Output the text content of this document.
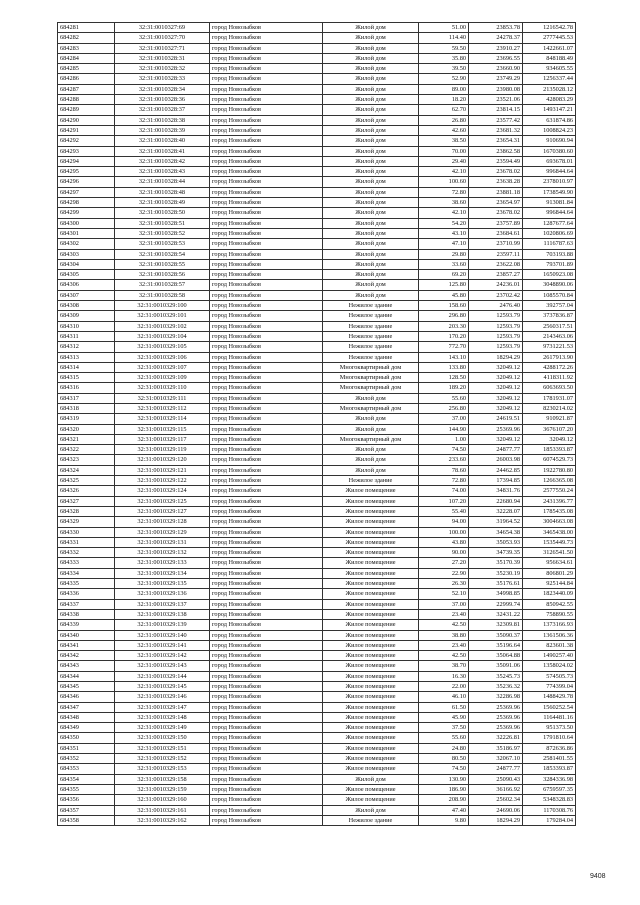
684281	32:31:0010327:69	город Новозыбков	Жилой дом	51.00	23853.78	1216542.78
684282	32:31:0010327:70	город Новозыбков	Жилой дом	114.40	24278.37	2777445.53
684283	32:31:0010327:71	город Новозыбков	Жилой дом	59.50	23910.27	1422661.07
684284	32:31:0010328:31	город Новозыбков	Жилой дом	35.80	23696.55	848188.49
684285	32:31:0010328:32	город Новозыбков	Жилой дом	39.50	23660.90	934605.55
684286	32:31:0010328:33	город Новозыбков	Жилой дом	52.90	23749.29	1256337.44
684287	32:31:0010328:34	город Новозыбков	Жилой дом	89.00	23980.08	2135028.12
684288	32:31:0010328:36	город Новозыбков	Жилой дом	18.20	23521.06	428083.29
684289	32:31:0010328:37	город Новозыбков	Жилой дом	62.70	23814.15	1493147.21
684290	32:31:0010328:38	город Новозыбков	Жилой дом	26.80	23577.42	631874.86
684291	32:31:0010328:39	город Новозыбков	Жилой дом	42.60	23681.32	1008824.23
684292	32:31:0010328:40	город Новозыбков	Жилой дом	38.50	23654.31	910690.94
684293	32:31:0010328:41	город Новозыбков	Жилой дом	70.00	23862.58	1670380.60
684294	32:31:0010328:42	город Новозыбков	Жилой дом	29.40	23594.49	693678.01
684295	32:31:0010328:43	город Новозыбков	Жилой дом	42.10	23678.02	996844.64
684296	32:31:0010328:44	город Новозыбков	Жилой дом	100.60	23638.28	2378010.97
684297	32:31:0010328:48	город Новозыбков	Жилой дом	72.80	23881.18	1738549.90
684298	32:31:0010328:49	город Новозыбков	Жилой дом	38.60	23654.97	913081.84
684299	32:31:0010328:50	город Новозыбков	Жилой дом	42.10	23678.02	996844.64
684300	32:31:0010328:51	город Новозыбков	Жилой дом	54.20	23757.89	1287677.64
684301	32:31:0010328:52	город Новозыбков	Жилой дом	43.10	23684.61	1020806.69
684302	32:31:0010328:53	город Новозыбков	Жилой дом	47.10	23710.99	1116787.63
684303	32:31:0010328:54	город Новозыбков	Жилой дом	29.80	23597.11	703193.88
684304	32:31:0010328:55	город Новозыбков	Жилой дом	33.60	23622.08	793701.89
684305	32:31:0010328:56	город Новозыбков	Жилой дом	69.20	23857.27	1650923.08
684306	32:31:0010328:57	город Новозыбков	Жилой дом	125.80	24236.01	3048890.06
684307	32:31:0010328:58	город Новозыбков	Жилой дом	45.80	23702.42	1085570.84
684308	32:31:0010329:100	город Новозыбков	Нежилое здание	158.60	2476.40	392757.04
684309	32:31:0010329:101	город Новозыбков	Нежилое здание	296.80	12593.79	3737836.87
684310	32:31:0010329:102	город Новозыбков	Нежилое здание	203.30	12593.79	2560317.51
684311	32:31:0010329:104	город Новозыбков	Нежилое здание	170.20	12593.79	2143463.06
684312	32:31:0010329:105	город Новозыбков	Нежилое здание	772.70	12593.79	9731221.53
684313	32:31:0010329:106	город Новозыбков	Нежилое здание	143.10	18294.29	2617913.90
684314	32:31:0010329:107	город Новозыбков	Многоквартирный дом	133.80	32049.12	4288172.26
684315	32:31:0010329:109	город Новозыбков	Многоквартирный дом	128.50	32049.12	4118311.92
684316	32:31:0010329:110	город Новозыбков	Многоквартирный дом	189.20	32049.12	6063693.50
684317	32:31:0010329:111	город Новозыбков	Жилой дом	55.60	32049.12	1781931.07
684318	32:31:0010329:112	город Новозыбков	Многоквартирный дом	256.80	32049.12	8230214.02
684319	32:31:0010329:114	город Новозыбков	Жилой дом	37.00	24619.51	910921.87
684320	32:31:0010329:115	город Новозыбков	Жилой дом	144.90	25369.96	3676107.20
684321	32:31:0010329:117	город Новозыбков	Многоквартирный дом	1.00	32049.12	32049.12
684322	32:31:0010329:119	город Новозыбков	Жилой дом	74.50	24877.77	1853393.87
684323	32:31:0010329:120	город Новозыбков	Жилой дом	233.60	26003.98	6074529.73
684324	32:31:0010329:121	город Новозыбков	Жилой дом	78.60	24462.85	1922780.80
684325	32:31:0010329:122	город Новозыбков	Нежилое здание	72.80	17394.85	1266365.08
684326	32:31:0010329:124	город Новозыбков	Жилое помещение	74.00	34831.76	2577550.24
684327	32:31:0010329:125	город Новозыбков	Жилое помещение	107.20	22680.94	2431396.77
684328	32:31:0010329:127	город Новозыбков	Жилое помещение	55.40	32228.07	1785435.08
684329	32:31:0010329:128	город Новозыбков	Жилое помещение	94.00	31964.52	3004663.08
684330	32:31:0010329:129	город Новозыбков	Жилое помещение	100.00	34654.38	3465438.00
684331	32:31:0010329:131	город Новозыбков	Жилое помещение	43.80	35053.93	1535449.73
684332	32:31:0010329:132	город Новозыбков	Жилое помещение	90.00	34739.35	3126541.50
684333	32:31:0010329:133	город Новозыбков	Жилое помещение	27.20	35170.39	956634.61
684334	32:31:0010329:134	город Новозыбков	Жилое помещение	22.90	35230.19	806801.29
684335	32:31:0010329:135	город Новозыбков	Жилое помещение	26.30	35176.61	925144.84
684336	32:31:0010329:136	город Новозыбков	Жилое помещение	52.10	34998.85	1823440.09
684337	32:31:0010329:137	город Новозыбков	Жилое помещение	37.00	22999.74	850942.55
684338	32:31:0010329:138	город Новозыбков	Жилое помещение	23.40	32431.22	758890.55
684339	32:31:0010329:139	город Новозыбков	Жилое помещение	42.50	32309.81	1373166.93
684340	32:31:0010329:140	город Новозыбков	Жилое помещение	38.80	35090.37	1361506.36
684341	32:31:0010329:141	город Новозыбков	Жилое помещение	23.40	35196.64	823601.38
684342	32:31:0010329:142	город Новозыбков	Жилое помещение	42.50	35064.88	1490257.40
684343	32:31:0010329:143	город Новозыбков	Жилое помещение	38.70	35091.06	1358024.02
684344	32:31:0010329:144	город Новозыбков	Жилое помещение	16.30	35245.73	574505.73
684345	32:31:0010329:145	город Новозыбков	Жилое помещение	22.00	35236.32	774399.04
684346	32:31:0010329:146	город Новозыбков	Жилое помещение	46.10	32286.98	1488429.78
684347	32:31:0010329:147	город Новозыбков	Жилое помещение	61.50	25369.96	1560252.54
684348	32:31:0010329:148	город Новозыбков	Жилое помещение	45.90	25369.96	1164481.16
684349	32:31:0010329:149	город Новозыбков	Жилое помещение	37.50	25369.96	951373.50
684350	32:31:0010329:150	город Новозыбков	Жилое помещение	55.60	32226.81	1791810.64
684351	32:31:0010329:151	город Новозыбков	Жилое помещение	24.80	35186.97	872636.86
684352	32:31:0010329:152	город Новозыбков	Жилое помещение	80.50	32067.10	2581401.55
684353	32:31:0010329:153	город Новозыбков	Жилое помещение	74.50	24877.77	1853393.87
684354	32:31:0010329:158	город Новозыбков	Жилой дом	130.90	25090.43	3284336.98
684355	32:31:0010329:159	город Новозыбков	Жилое помещение	186.90	36166.92	6759597.35
684356	32:31:0010329:160	город Новозыбков	Жилое помещение	208.90	25602.34	5348328.83
684357	32:31:0010329:161	город Новозыбков	Жилой дом	47.40	24690.06	1170308.76
684358	32:31:0010329:162	город Новозыбков	Нежилое здание	9.80	18294.29	179284.04
9408
